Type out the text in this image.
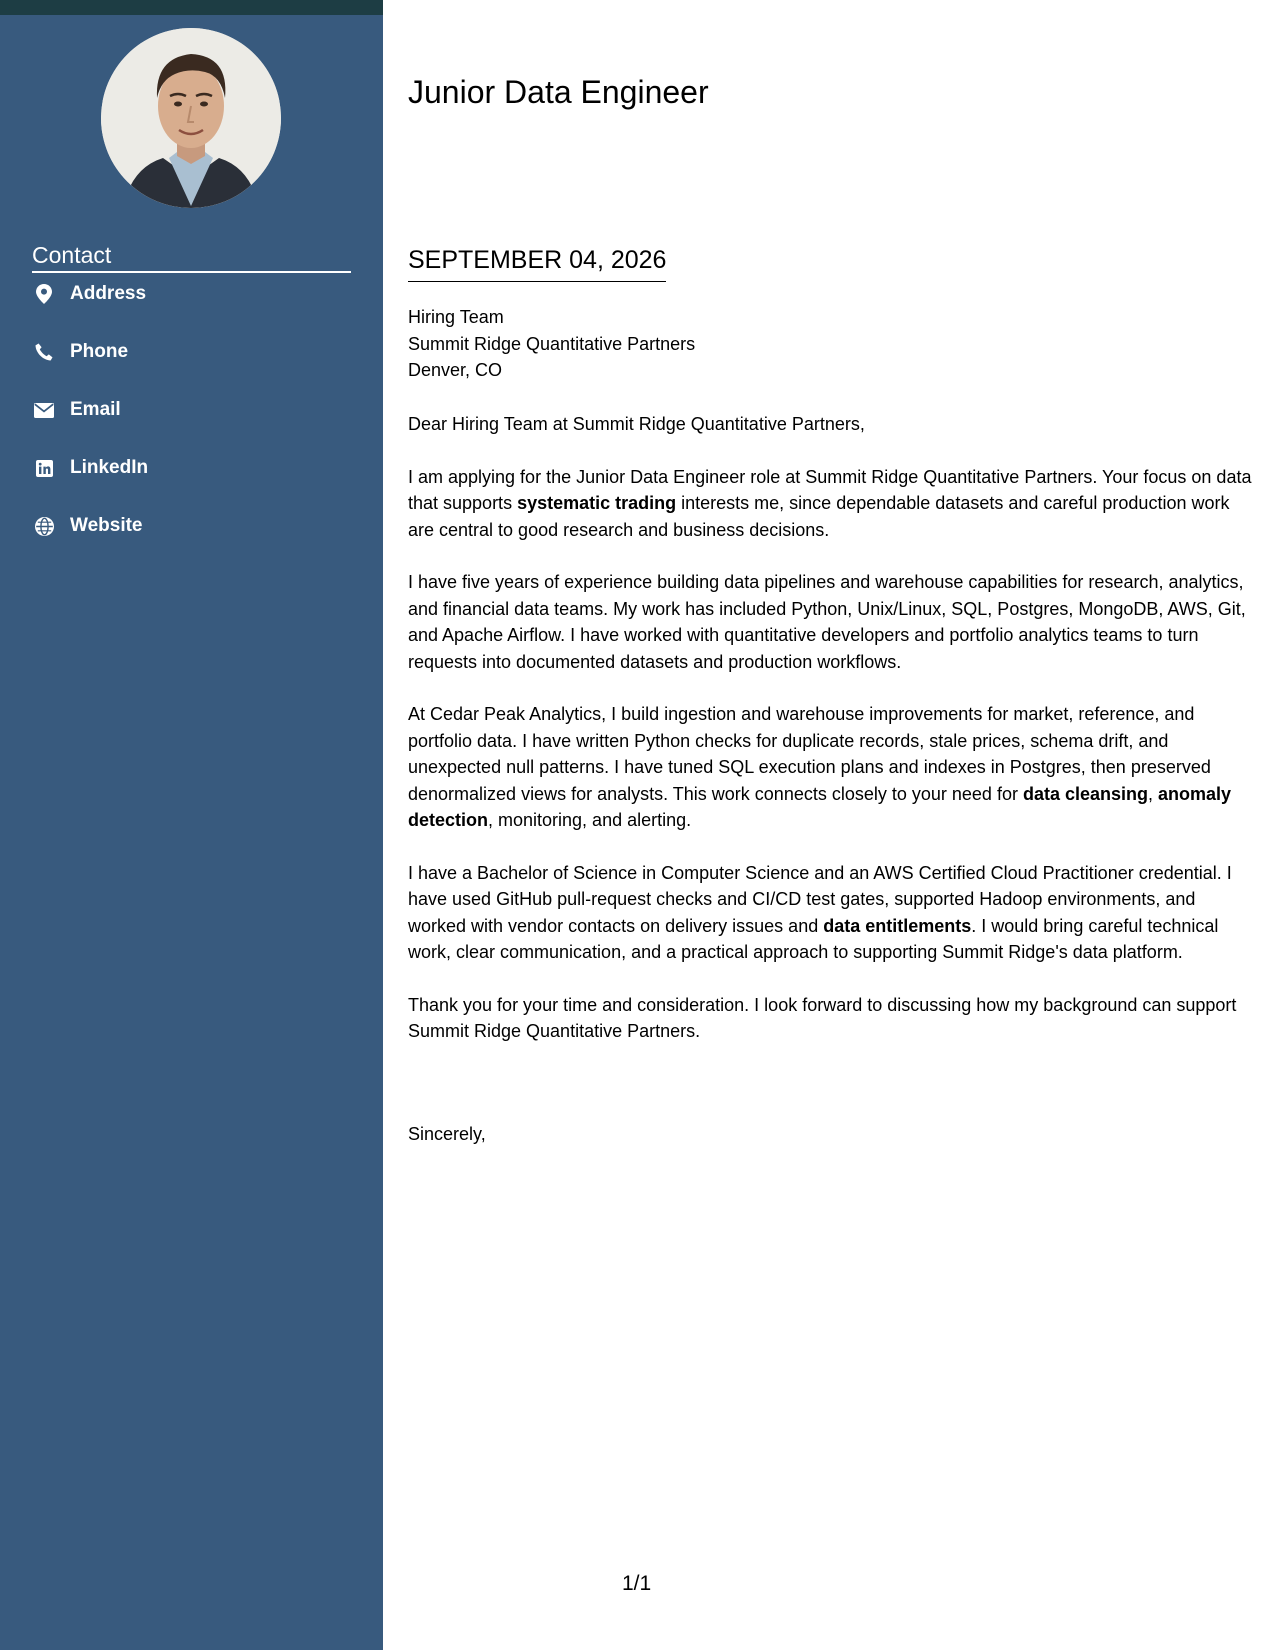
Contact
Address
Phone
Email
LinkedIn
Website
Junior Data Engineer
SEPTEMBER 04, 2026
Hiring Team
Summit Ridge Quantitative Partners
Denver, CO

Dear Hiring Team at Summit Ridge Quantitative Partners,

I am applying for the Junior Data Engineer role at Summit Ridge Quantitative Partners. Your focus on data that supports systematic trading interests me, since dependable datasets and careful production work are central to good research and business decisions.

I have five years of experience building data pipelines and warehouse capabilities for research, analytics, and financial data teams. My work has included Python, Unix/Linux, SQL, Postgres, MongoDB, AWS, Git, and Apache Airflow. I have worked with quantitative developers and portfolio analytics teams to turn requests into documented datasets and production workflows.

At Cedar Peak Analytics, I build ingestion and warehouse improvements for market, reference, and portfolio data. I have written Python checks for duplicate records, stale prices, schema drift, and unexpected null patterns. I have tuned SQL execution plans and indexes in Postgres, then preserved denormalized views for analysts. This work connects closely to your need for data cleansing, anomaly detection, monitoring, and alerting.

I have a Bachelor of Science in Computer Science and an AWS Certified Cloud Practitioner credential. I have used GitHub pull-request checks and CI/CD test gates, supported Hadoop environments, and worked with vendor contacts on delivery issues and data entitlements. I would bring careful technical work, clear communication, and a practical approach to supporting Summit Ridge's data platform.

Thank you for your time and consideration. I look forward to discussing how my background can support Summit Ridge Quantitative Partners.

Sincerely,
1/1
